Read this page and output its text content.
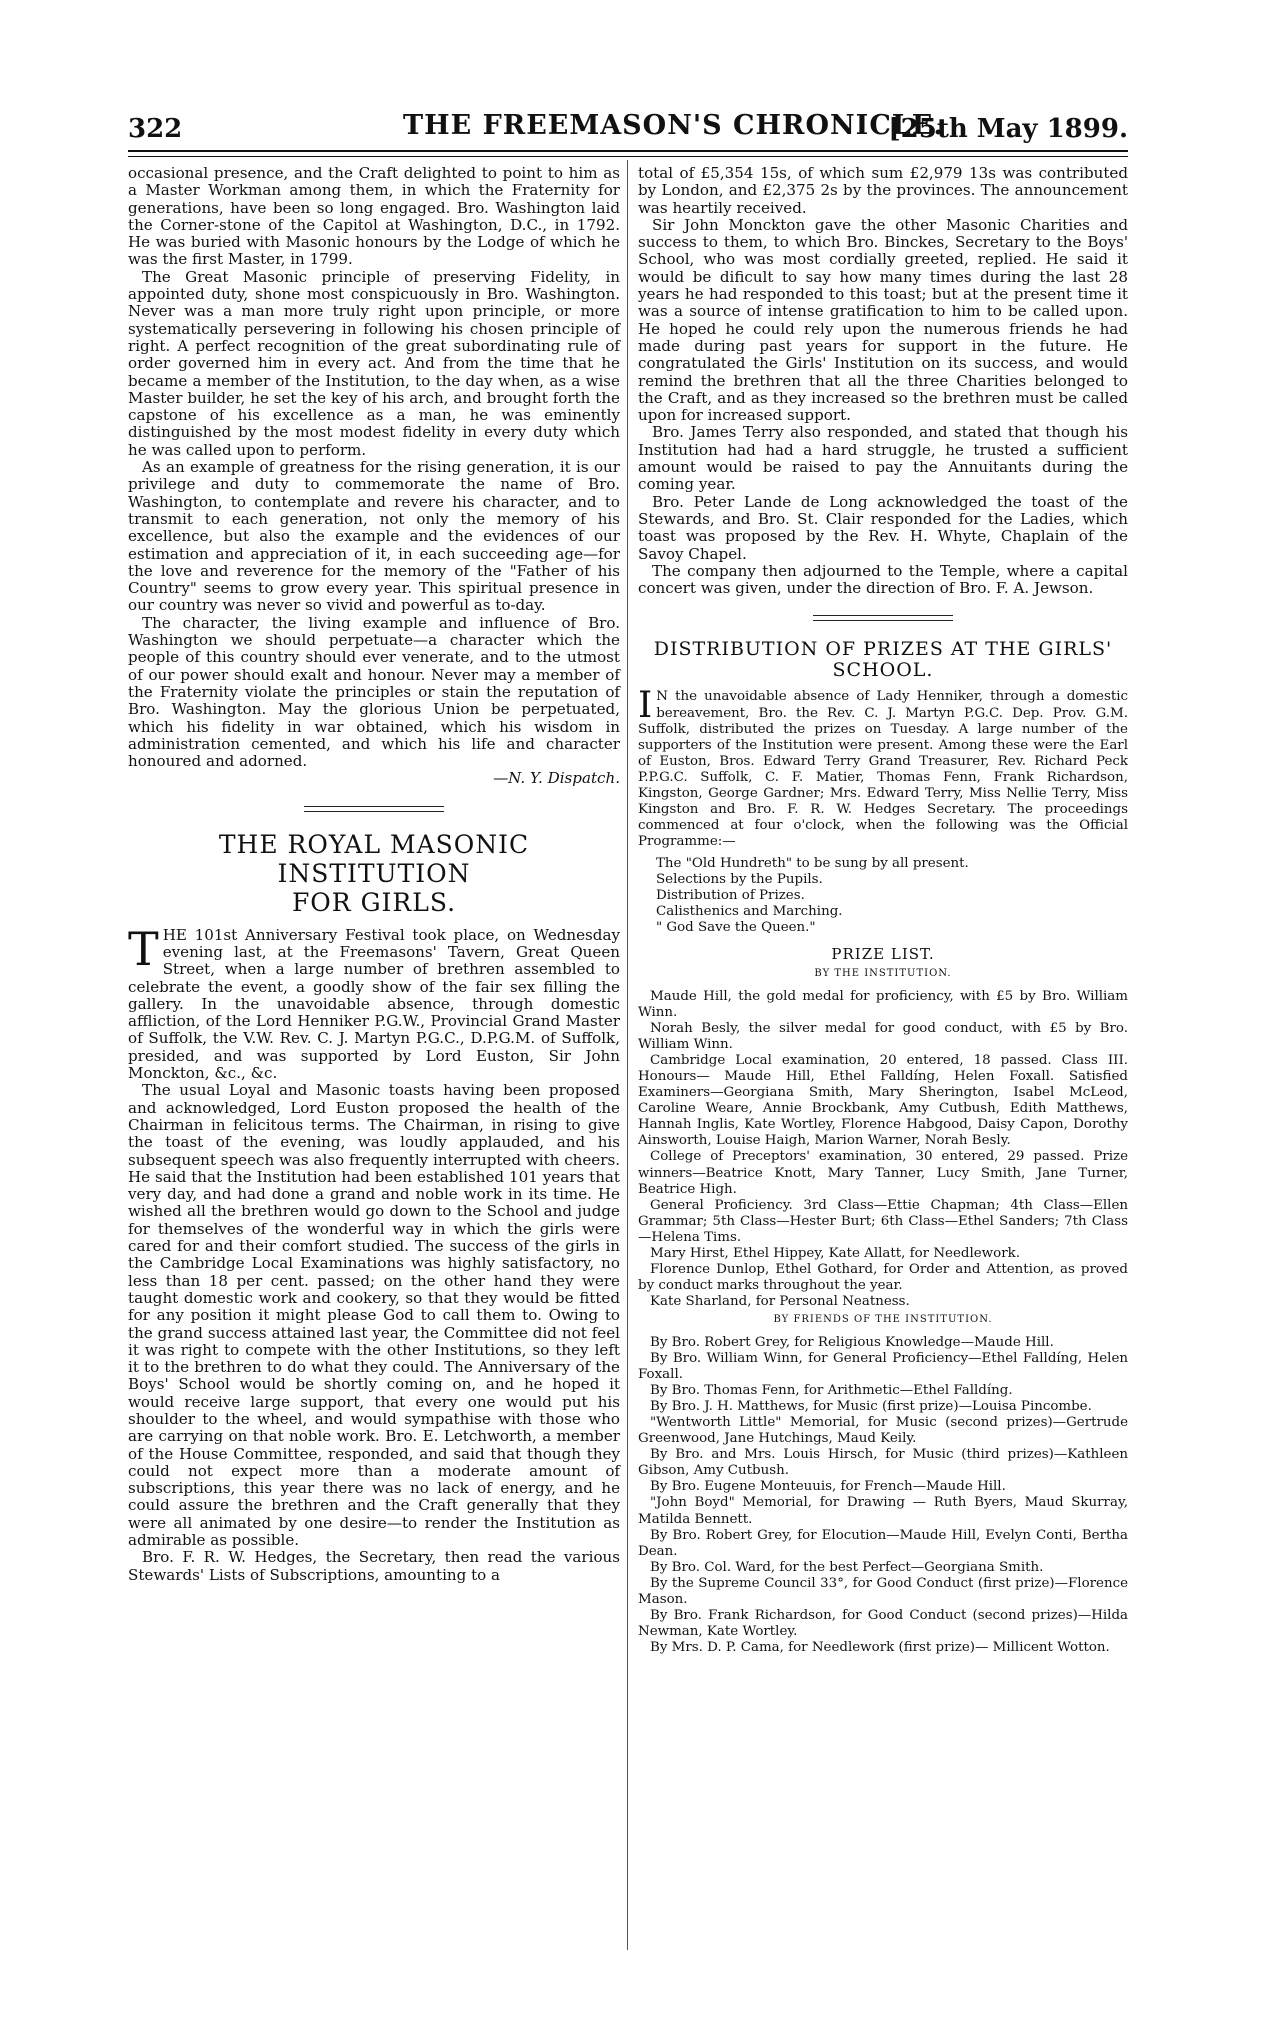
322	THE FREEMASON'S CHRONICLE.
[25th May 1899.

occasional presence, and the Craft delighted to point to him as a Master Workman among them, in which the Fraternity for generations, have been so long engaged. Bro. Washington laid the Corner-stone of the Capitol at Washington, D.C., in 1792. He was buried with Masonic honours by the Lodge of which he was the first Master, in 1799.

The Great Masonic principle of preserving Fidelity, in appointed duty, shone most conspicuously in Bro. Washington. Never was a man more truly right upon principle, or more systematically persevering in following his chosen principle of right. A perfect recognition of the great subordinating rule of order governed him in every act. And from the time that he became a member of the Institution, to the day when, as a wise Master builder, he set the key of his arch, and brought forth the capstone of his excellence as a man, he was eminently distinguished by the most modest fidelity in every duty which he was called upon to perform.

As an example of greatness for the rising generation, it is our privilege and duty to commemorate the name of Bro. Washington, to contemplate and revere his character, and to transmit to each generation, not only the memory of his excellence, but also the example and the evidences of our estimation and appreciation of it, in each succeeding age—for the love and reverence for the memory of the "Father of his Country" seems to grow every year. This spiritual presence in our country was never so vivid and powerful as to-day.

The character, the living example and influence of Bro. Washington we should perpetuate—a character which the people of this country should ever venerate, and to the utmost of our power should exalt and honour. Never may a member of the Fraternity violate the principles or stain the reputation of Bro. Washington. May the glorious Union be perpetuated, which his fidelity in war obtained, which his wisdom in administration cemented, and which his life and character honoured and adorned.

—N. Y. Dispatch.

THE ROYAL MASONIC INSTITUTION
FOR GIRLS.

THE 101st Anniversary Festival took place, on Wednesday evening last, at the Freemasons' Tavern, Great Queen Street, when a large number of brethren assembled to celebrate the event, a goodly show of the fair sex filling the gallery. In the unavoidable absence, through domestic affliction, of the Lord Henniker P.G.W., Provincial Grand Master of Suffolk, the V.W. Rev. C. J. Martyn P.G.C., D.P.G.M. of Suffolk, presided, and was supported by Lord Euston, Sir John Monckton, &c., &c.

The usual Loyal and Masonic toasts having been proposed and acknowledged, Lord Euston proposed the health of the Chairman in felicitous terms. The Chairman, in rising to give the toast of the evening, was loudly applauded, and his subsequent speech was also frequently interrupted with cheers. He said that the Institution had been established 101 years that very day, and had done a grand and noble work in its time. He wished all the brethren would go down to the School and judge for themselves of the wonderful way in which the girls were cared for and their comfort studied. The success of the girls in the Cambridge Local Examinations was highly satisfactory, no less than 18 per cent. passed; on the other hand they were taught domestic work and cookery, so that they would be fitted for any position it might please God to call them to. Owing to the grand success attained last year, the Committee did not feel it was right to compete with the other Institutions, so they left it to the brethren to do what they could. The Anniversary of the Boys' School would be shortly coming on, and he hoped it would receive large support, that every one would put his shoulder to the wheel, and would sympathise with those who are carrying on that noble work. Bro. E. Letchworth, a member of the House Committee, responded, and said that though they could not expect more than a moderate amount of subscriptions, this year there was no lack of energy, and he could assure the brethren and the Craft generally that they were all animated by one desire—to render the Institution as admirable as possible.

Bro. F. R. W. Hedges, the Secretary, then read the various Stewards' Lists of Subscriptions, amounting to a

total of £5,354 15s, of which sum £2,979 13s was contributed by London, and £2,375 2s by the provinces. The announcement was heartily received.

Sir John Monckton gave the other Masonic Charities and success to them, to which Bro. Binckes, Secretary to the Boys' School, who was most cordially greeted, replied. He said it would be dificult to say how many times during the last 28 years he had responded to this toast; but at the present time it was a source of intense gratification to him to be called upon. He hoped he could rely upon the numerous friends he had made during past years for support in the future. He congratulated the Girls' Institution on its success, and would remind the brethren that all the three Charities belonged to the Craft, and as they increased so the brethren must be called upon for increased support.

Bro. James Terry also responded, and stated that though his Institution had had a hard struggle, he trusted a sufficient amount would be raised to pay the Annuitants during the coming year.

Bro. Peter Lande de Long acknowledged the toast of the Stewards, and Bro. St. Clair responded for the Ladies, which toast was proposed by the Rev. H. Whyte, Chaplain of the Savoy Chapel.

The company then adjourned to the Temple, where a capital concert was given, under the direction of Bro. F. A. Jewson.

DISTRIBUTION OF PRIZES AT THE GIRLS'
SCHOOL.

I N the unavoidable absence of Lady Henniker, through a domestic bereavement, Bro. the Rev. C. J. Martyn P.G.C. Dep. Prov. G.M. Suffolk, distributed the prizes on Tuesday. A large number of the supporters of the Institution were present. Among these were the Earl of Euston, Bros. Edward Terry Grand Treasurer, Rev. Richard Peck P.P.G.C. Suffolk, C. F. Matier, Thomas Fenn, Frank Richardson, Kingston, George Gardner; Mrs. Edward Terry, Miss Nellie Terry, Miss Kingston and Bro. F. R. W. Hedges Secretary. The proceedings commenced at four o'clock, when the following was the Official Programme:—

The "Old Hundreth" to be sung by all present.
Selections by the Pupils.
Distribution of Prizes.
Calisthenics and Marching.
" God Save the Queen."
PRIZE LIST.
BY THE INSTITUTION.

Maude Hill, the gold medal for proficiency, with £5 by Bro. William Winn.

Norah Besly, the silver medal for good conduct, with £5 by Bro. William Winn.

Cambridge Local examination, 20 entered, 18 passed. Class III. Honours— Maude Hill, Ethel Falldíng, Helen Foxall. Satisfied Examiners—Georgiana Smith, Mary Sherington, Isabel McLeod, Caroline Weare, Annie Brockbank, Amy Cutbush, Edith Matthews, Hannah Inglis, Kate Wortley, Florence Habgood, Daisy Capon, Dorothy Ainsworth, Louise Haigh, Marion Warner, Norah Besly.

College of Preceptors' examination, 30 entered, 29 passed. Prize winners—Beatrice Knott, Mary Tanner, Lucy Smith, Jane Turner, Beatrice High.

General Proficiency. 3rd Class—Ettie Chapman; 4th Class—Ellen Grammar; 5th Class—Hester Burt; 6th Class—Ethel Sanders; 7th Class—Helena Tims.

Mary Hirst, Ethel Hippey, Kate Allatt, for Needlework.

Florence Dunlop, Ethel Gothard, for Order and Attention, as proved by conduct marks throughout the year.

Kate Sharland, for Personal Neatness.

BY FRIENDS OF THE INSTITUTION.

By Bro. Robert Grey, for Religious Knowledge—Maude Hill.

By Bro. William Winn, for General Proficiency—Ethel Falldíng, Helen Foxall.

By Bro. Thomas Fenn, for Arithmetic—Ethel Falldíng.

By Bro. J. H. Matthews, for Music (first prize)—Louisa Pincombe.

"Wentworth Little" Memorial, for Music (second prizes)—Gertrude Greenwood, Jane Hutchings, Maud Keily.

By Bro. and Mrs. Louis Hirsch, for Music (third prizes)—Kathleen Gibson, Amy Cutbush.

By Bro. Eugene Monteuuis, for French—Maude Hill.

"John Boyd" Memorial, for Drawing — Ruth Byers, Maud Skurray, Matilda Bennett.

By Bro. Robert Grey, for Elocution—Maude Hill, Evelyn Conti, Bertha Dean.

By Bro. Col. Ward, for the best Perfect—Georgiana Smith.

By the Supreme Council 33°, for Good Conduct (first prize)—Florence Mason.

By Bro. Frank Richardson, for Good Conduct (second prizes)—Hilda Newman, Kate Wortley.

By Mrs. D. P. Cama, for Needlework (first prize)— Millicent Wotton.
